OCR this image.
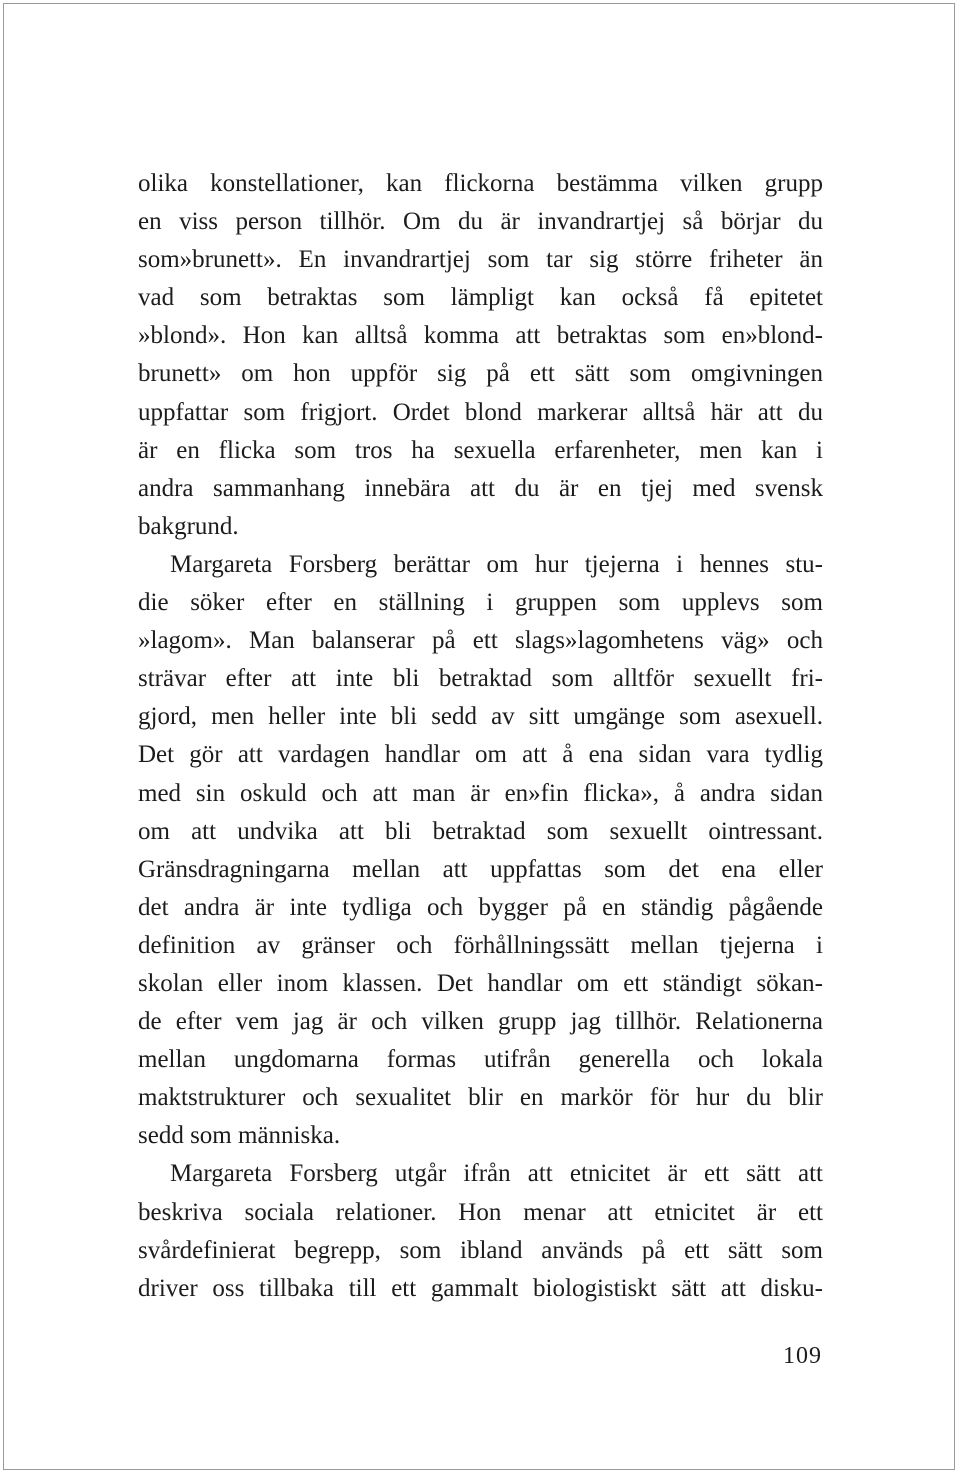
olika konstellationer, kan flickorna bestämma vilken grupp
en viss person tillhör. Om du är invandrartjej så börjar du
som»brunett». En invandrartjej som tar sig större friheter än
vad som betraktas som lämpligt kan också få epitetet
»blond». Hon kan alltså komma att betraktas som en»blond-
brunett» om hon uppför sig på ett sätt som omgivningen
uppfattar som frigjort. Ordet blond markerar alltså här att du
är en flicka som tros ha sexuella erfarenheter, men kan i
andra sammanhang innebära att du är en tjej med svensk
bakgrund.
Margareta Forsberg berättar om hur tjejerna i hennes stu-
die söker efter en ställning i gruppen som upplevs som
»lagom». Man balanserar på ett slags»lagomhetens väg» och
strävar efter att inte bli betraktad som alltför sexuellt fri-
gjord, men heller inte bli sedd av sitt umgänge som asexuell.
Det gör att vardagen handlar om att å ena sidan vara tydlig
med sin oskuld och att man är en»fin flicka», å andra sidan
om att undvika att bli betraktad som sexuellt ointressant.
Gränsdragningarna mellan att uppfattas som det ena eller
det andra är inte tydliga och bygger på en ständig pågående
definition av gränser och förhållningssätt mellan tjejerna i
skolan eller inom klassen. Det handlar om ett ständigt sökan-
de efter vem jag är och vilken grupp jag tillhör. Relationerna
mellan ungdomarna formas utifrån generella och lokala
maktstrukturer och sexualitet blir en markör för hur du blir
sedd som människa.
Margareta Forsberg utgår ifrån att etnicitet är ett sätt att
beskriva sociala relationer. Hon menar att etnicitet är ett
svårdefinierat begrepp, som ibland används på ett sätt som
driver oss tillbaka till ett gammalt biologistiskt sätt att disku-
109
